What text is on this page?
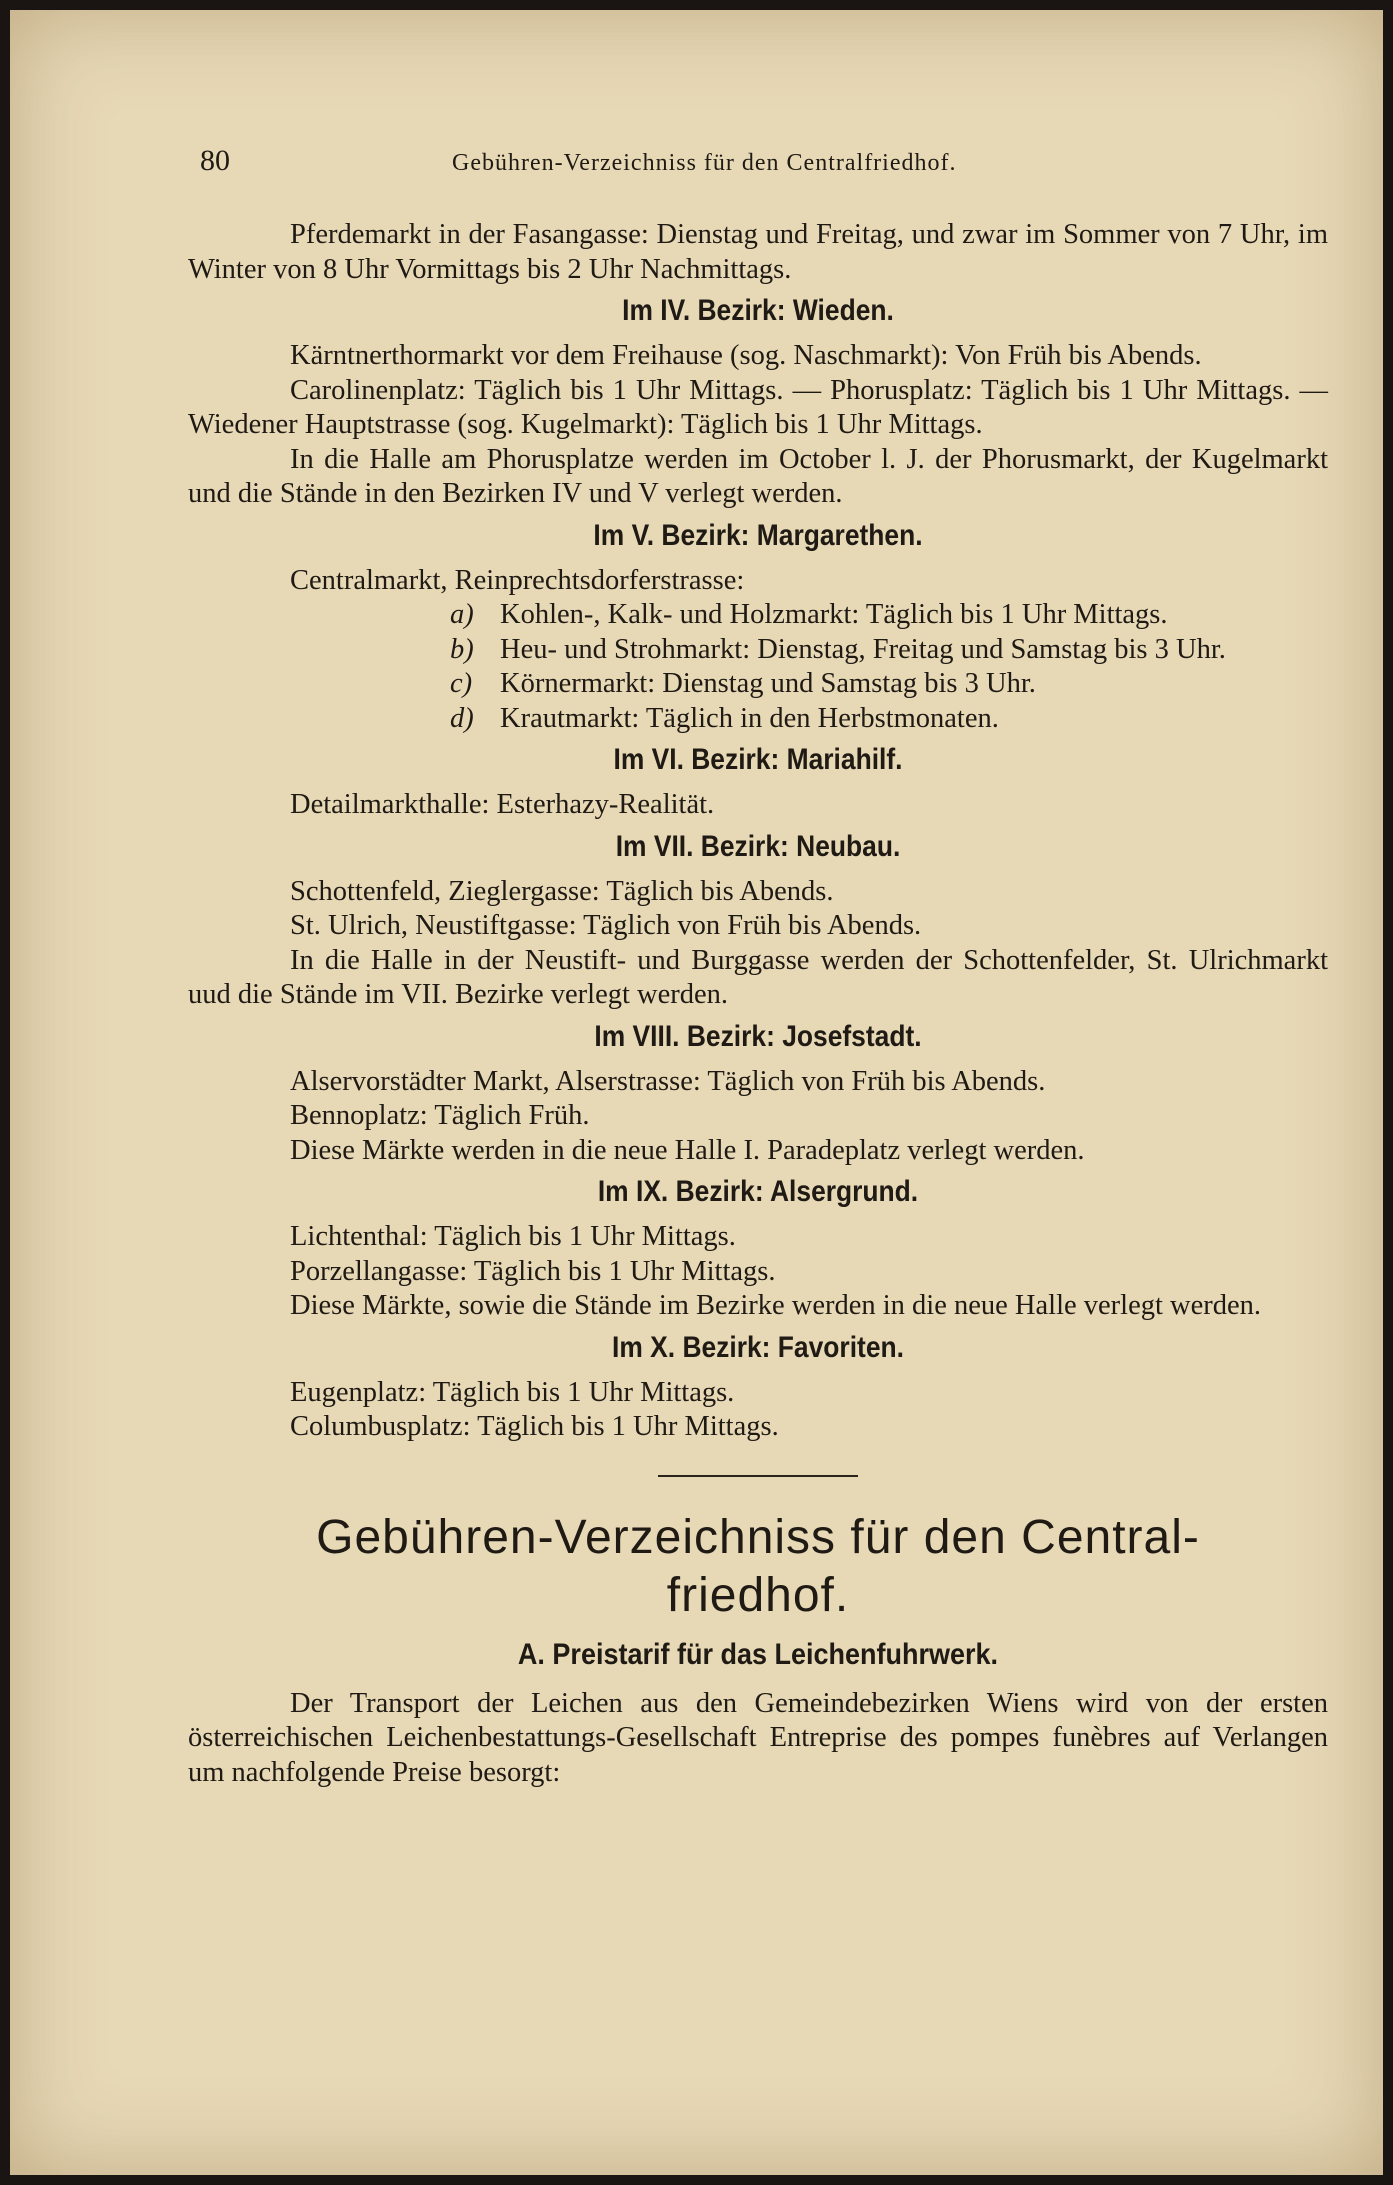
80	Gebühren-Verzeichniss für den Centralfriedhof.

Pferdemarkt in der Fasangasse: Dienstag und Freitag, und zwar im Sommer von 7 Uhr, im Winter von 8 Uhr Vormittags bis 2 Uhr Nachmittags.

Im IV. Bezirk: Wieden.

Kärntnerthormarkt vor dem Freihause (sog. Naschmarkt): Von Früh bis Abends.

Carolinenplatz: Täglich bis 1 Uhr Mittags. — Phorusplatz: Täglich bis 1 Uhr Mittags. — Wiedener Hauptstrasse (sog. Kugelmarkt): Täglich bis 1 Uhr Mittags.

In die Halle am Phorusplatze werden im October l. J. der Phorusmarkt, der Kugelmarkt und die Stände in den Bezirken IV und V verlegt werden.

Im V. Bezirk: Margarethen.

Centralmarkt, Reinprechtsdorferstrasse:

a) Kohlen-, Kalk- und Holzmarkt: Täglich bis 1 Uhr Mittags.

b) Heu- und Strohmarkt: Dienstag, Freitag und Samstag bis 3 Uhr.

c) Körnermarkt: Dienstag und Samstag bis 3 Uhr.

d) Krautmarkt: Täglich in den Herbstmonaten.

Im VI. Bezirk: Mariahilf.

Detailmarkthalle: Esterhazy-Realität.

Im VII. Bezirk: Neubau.

Schottenfeld, Zieglergasse: Täglich bis Abends.

St. Ulrich, Neustiftgasse: Täglich von Früh bis Abends.

In die Halle in der Neustift- und Burggasse werden der Schottenfelder, St. Ulrichmarkt uud die Stände im VII. Bezirke verlegt werden.

Im VIII. Bezirk: Josefstadt.

Alservorstädter Markt, Alserstrasse: Täglich von Früh bis Abends.

Bennoplatz: Täglich Früh.

Diese Märkte werden in die neue Halle I. Paradeplatz verlegt werden.

Im IX. Bezirk: Alsergrund.

Lichtenthal: Täglich bis 1 Uhr Mittags.

Porzellangasse: Täglich bis 1 Uhr Mittags.

Diese Märkte, sowie die Stände im Bezirke werden in die neue Halle verlegt werden.

Im X. Bezirk: Favoriten.

Eugenplatz: Täglich bis 1 Uhr Mittags.

Columbusplatz: Täglich bis 1 Uhr Mittags.

Gebühren-Verzeichniss für den Central-
friedhof.
A. Preistarif für das Leichenfuhrwerk.

Der Transport der Leichen aus den Gemeindebezirken Wiens wird von der ersten österreichischen Leichenbestattungs-Gesellschaft Entreprise des pompes funèbres auf Verlangen um nachfolgende Preise besorgt:
